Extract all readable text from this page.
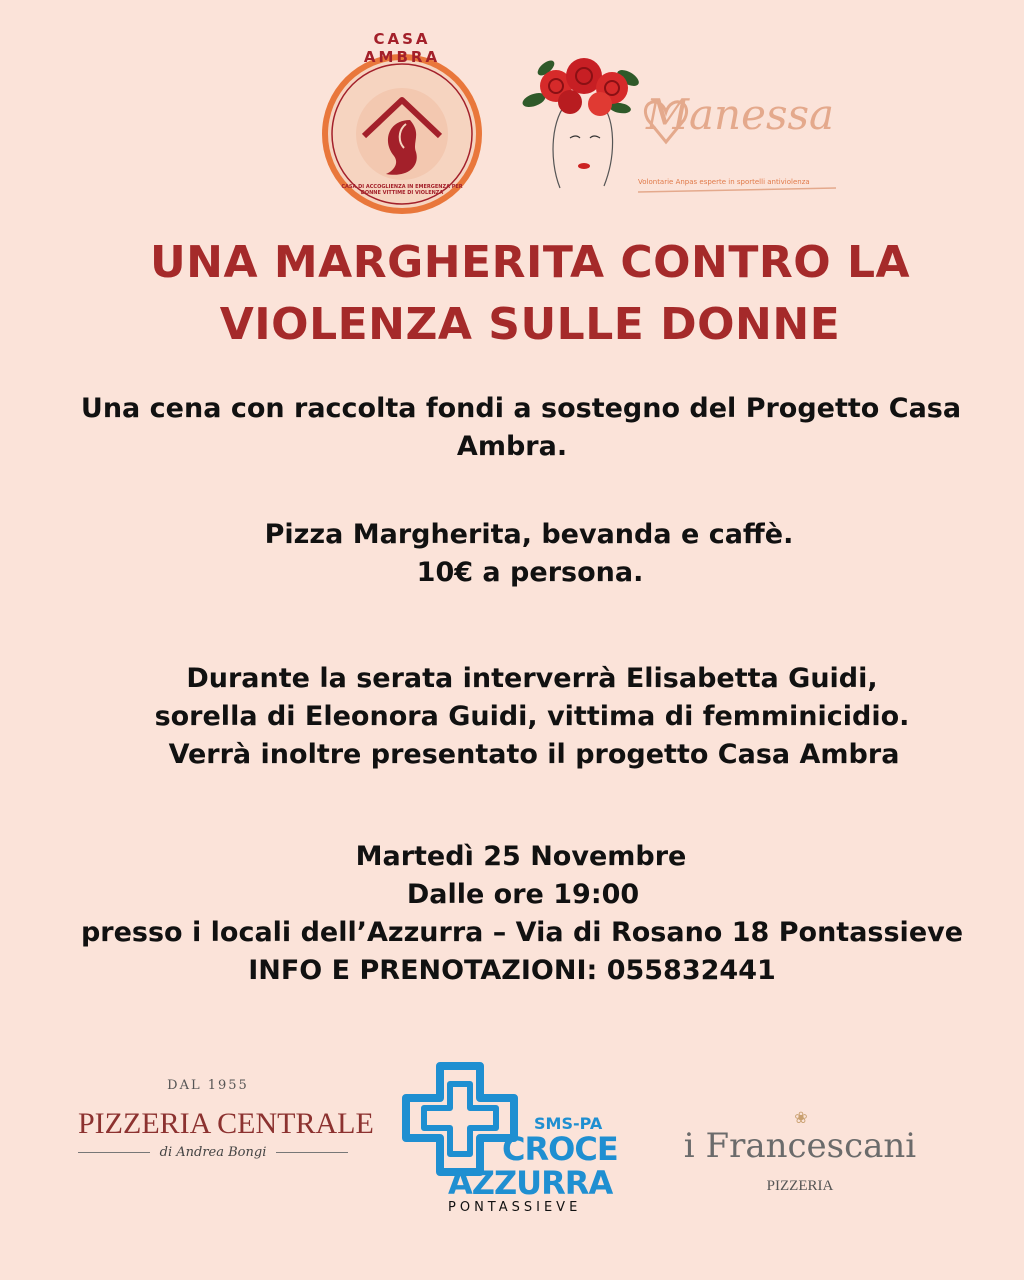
CASA AMBRA
CASA DI ACCOGLIENZA IN EMERGENZA PER DONNE VITTIME DI VIOLENZA
Manessa
Volontarie Anpas esperte in sportelli antiviolenza
UNA MARGHERITA CONTRO LA
VIOLENZA SULLE DONNE
Una cena con raccolta fondi a sostegno del Progetto Casa
Ambra.
Pizza Margherita, bevanda e caffè.
10€ a persona.
Durante la serata interverrà Elisabetta Guidi,
sorella di Eleonora Guidi, vittima di femminicidio.
Verrà inoltre presentato il progetto Casa Ambra
Martedì 25 Novembre
Dalle ore 19:00
presso i locali dell’Azzurra – Via di Rosano 18 Pontassieve
INFO E PRENOTAZIONI: 055832441
DAL 1955
PIZZERIA CENTRALE
di Andrea Bongi
SMS-PA
CROCE
AZZURRA
PONTASSIEVE
❀
i Francescani
PIZZERIA
